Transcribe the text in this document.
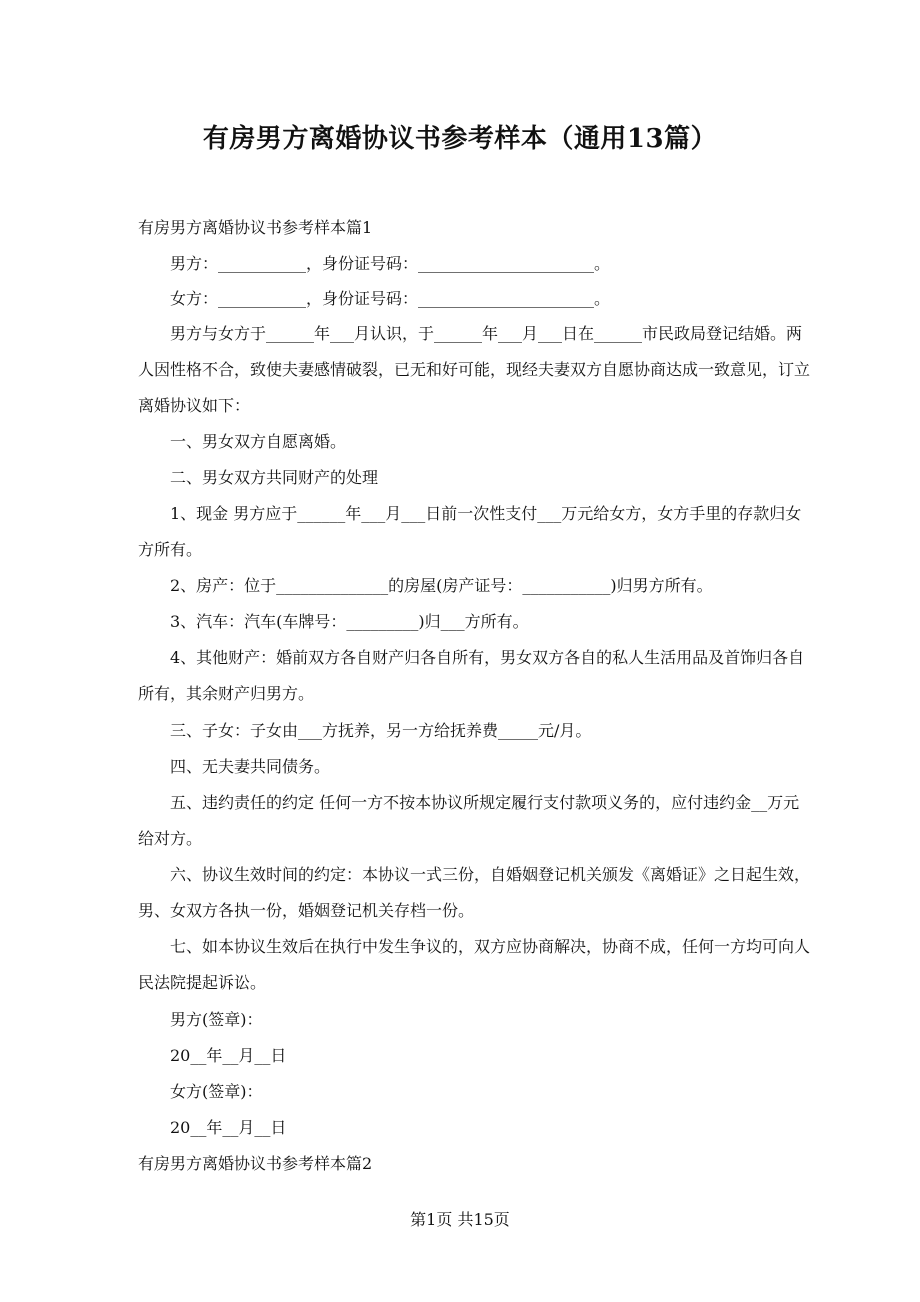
有房男方离婚协议书参考样本（通用13篇）
有房男方离婚协议书参考样本篇1
男方：___________，身份证号码：______________________。
女方：___________，身份证号码：______________________。
男方与女方于______年___月认识，于______年___月___日在______市民政局登记结婚。两
人因性格不合，致使夫妻感情破裂，已无和好可能，现经夫妻双方自愿协商达成一致意见，订立
离婚协议如下：
一、男女双方自愿离婚。
二、男女双方共同财产的处理
1、现金 男方应于______年___月___日前一次性支付___万元给女方，女方手里的存款归女
方所有。
2、房产：位于______________的房屋(房产证号：___________)归男方所有。
3、汽车：汽车(车牌号：_________)归___方所有。
4、其他财产：婚前双方各自财产归各自所有，男女双方各自的私人生活用品及首饰归各自
所有，其余财产归男方。
三、子女：子女由___方抚养，另一方给抚养费_____元/月。
四、无夫妻共同债务。
五、违约责任的约定 任何一方不按本协议所规定履行支付款项义务的，应付违约金__万元
给对方。
六、协议生效时间的约定：本协议一式三份，自婚姻登记机关颁发《离婚证》之日起生效，
男、女双方各执一份，婚姻登记机关存档一份。
七、如本协议生效后在执行中发生争议的，双方应协商解决，协商不成，任何一方均可向人
民法院提起诉讼。
男方(签章)：
20__年__月__日
女方(签章)：
20__年__月__日
有房男方离婚协议书参考样本篇2
第1页 共15页
